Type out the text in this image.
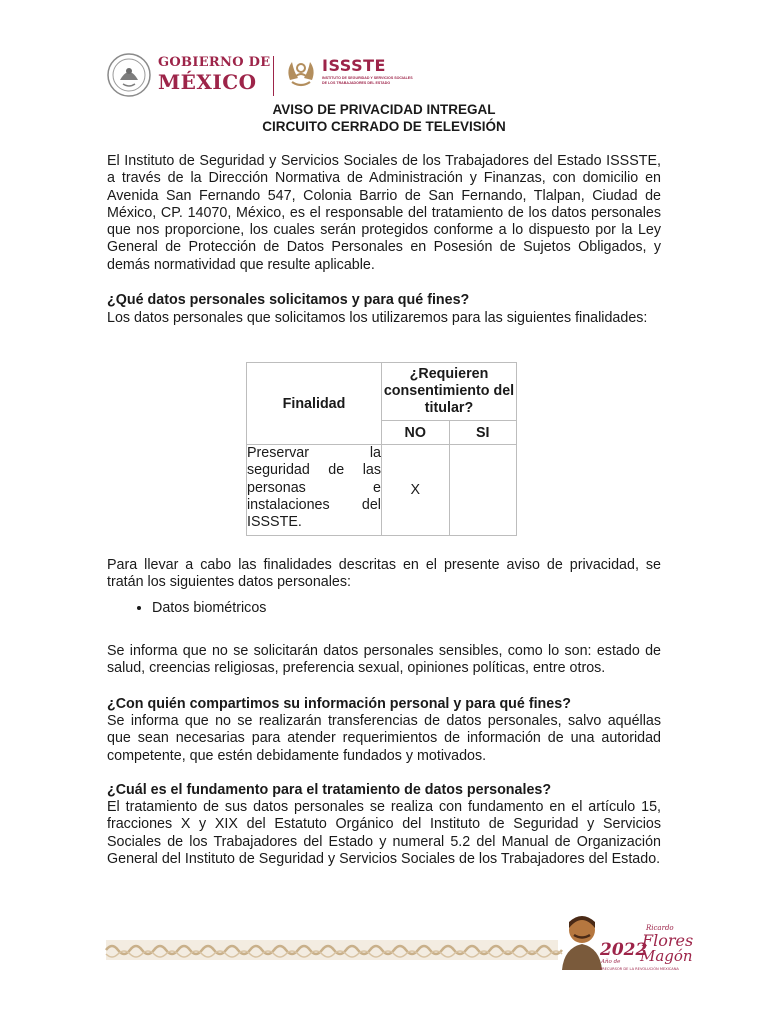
GOBIERNO DE
MÉXICO
ISSSTE
INSTITUTO DE SEGURIDAD Y SERVICIOS SOCIALES DE LOS TRABAJADORES DEL ESTADO
AVISO DE PRIVACIDAD INTREGAL
CIRCUITO CERRADO DE TELEVISIÓN
El Instituto de Seguridad y Servicios Sociales de los Trabajadores del Estado ISSSTE, a través de la Dirección Normativa de Administración y Finanzas, con domicilio en Avenida San Fernando 547, Colonia Barrio de San Fernando, Tlalpan, Ciudad de México, CP. 14070, México, es el responsable del tratamiento de los datos personales que nos proporcione, los cuales serán protegidos conforme a lo dispuesto por la Ley General de Protección de Datos Personales en Posesión de Sujetos Obligados, y demás normatividad que resulte aplicable.
¿Qué datos personales solicitamos y para qué fines?
Los datos personales que solicitamos los utilizaremos para las siguientes finalidades:
Finalidad	¿Requieren consentimiento del titular?	
	NO	SI

Preservar la seguridad de las personas e instalaciones del ISSSTE.	X	
Para llevar a cabo las finalidades descritas en el presente aviso de privacidad, se tratán los siguientes datos personales:
• Datos biométricos
Se informa que no se solicitarán datos personales sensibles, como lo son: estado de salud, creencias religiosas, preferencia sexual, opiniones políticas, entre otros.
¿Con quién compartimos su información personal y para qué fines?
Se informa que no se realizarán transferencias de datos personales, salvo aquéllas que sean necesarias para atender requerimientos de información de una autoridad competente, que estén debidamente fundados y motivados.
¿Cuál es el fundamento para el tratamiento de datos personales?
El tratamiento de sus datos personales se realiza con fundamento en el artículo 15, fracciones X y XIX del Estatuto Orgánico del Instituto de Seguridad y Servicios Sociales de los Trabajadores del Estado y numeral 5.2 del Manual de Organización General del Instituto de Seguridad y Servicios Sociales de los Trabajadores del Estado.
2022
Año de
Ricardo
Flores
Magón
PRECURSOR DE LA REVOLUCIÓN MEXICANA
